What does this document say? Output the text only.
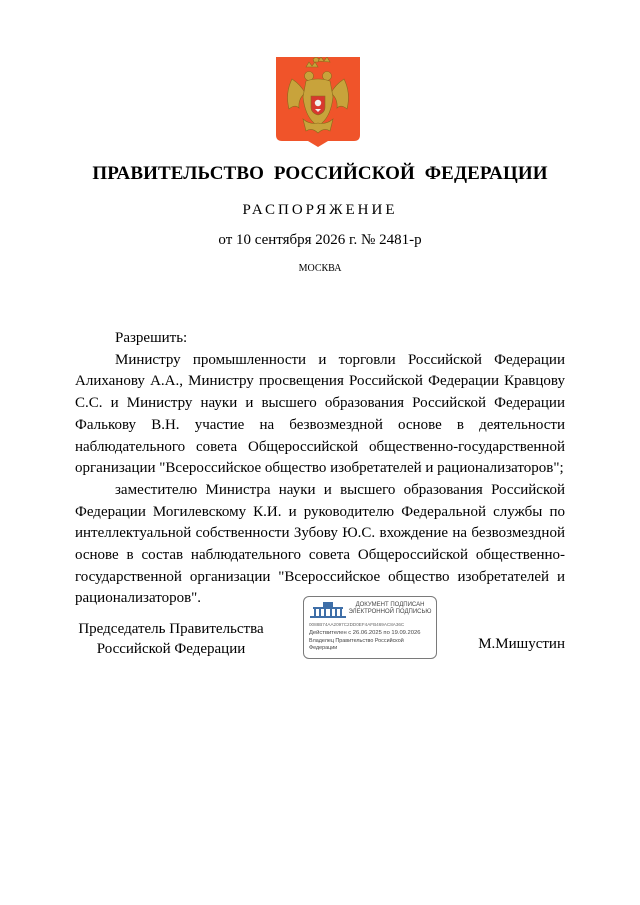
ПРАВИТЕЛЬСТВО РОССИЙСКОЙ ФЕДЕРАЦИИ
РАСПОРЯЖЕНИЕ
от 10 сентября 2026 г. № 2481-р
МОСКВА

Разрешить:

Министру промышленности и торговли Российской Федерации Алиханову А.А., Министру просвещения Российской Федерации Кравцову С.С. и Министру науки и высшего образования Российской Федерации Фалькову В.Н. участие на безвозмездной основе в деятельности наблюдательного совета Общероссийской общественно-государственной организации "Всероссийское общество изобретателей и рационализаторов";

заместителю Министра науки и высшего образования Российской Федерации Могилевскому К.И. и руководителю Федеральной службы по интеллектуальной собственности Зубову Ю.С. вхождение на безвозмездной основе в состав наблюдательного совета Общероссийской общественно-государственной организации "Всероссийское общество изобретателей и рационализаторов".

Председатель Правительства
Российской Федерации
ДОКУМЕНТ ПОДПИСАН
ЭЛЕКТРОННОЙ ПОДПИСЬЮ
0088B74AA2097C2DD0EF4AFB469AC8A36C
Действителен с 26.06.2025 по 19.09.2026
Владелец Правительство Российской Федерации	М.Мишустин
